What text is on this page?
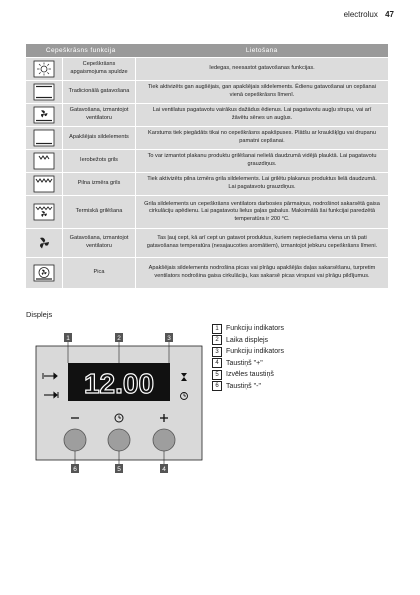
electrolux 47
Cepeškrāsns funkcija		Lietošana

	Cepeškrāsns apgaismojuma spuldze	Iedegas, neesastot gatavošanas funkcijas.

	Tradicionālā gatavošana	Tiek aktivizēts gan augšējais, gan apakšējais sildelements. Ēdienu gatavošanai un cepšanai vienā cepeškrāsns līmenī.

	Gatavošana, izmantojot ventilatoru	Lai ventilatus pagatavotu vairākus dažādus ēdienus. Lai pagatavotu augļu strupu, vai arī žāvētu sēnes un augļus.

	Apakšējais sildelements	Karstums tiek piegādāts tikai no cepeškrāsns apakšpuses. Plātšu ar kraukšķīgu vai drupanu pamatni cepšanai.

	Ierobežots grils	To var izmantot plakanu produktu grilēšanai nelielā daudzumā vidējā plauktā. Lai pagatavotu grauzdiņus.

	Pilna izmēra grils	Tiek aktivizēts pilna izmēra grila sildelements. Lai grilētu plakanus produktus lielā daudzumā. Lai pagatavotu grauzdiņus.

	Termiskā grilēšana	Grila sildelements un cepeškrāsns ventilators darbosies pārmaiņus, nodrošinot sakarsētā gaisa cirkulāciju apēdienu. Lai pagatavotu lielus gaļas gabalus. Maksimālā šai funkcijai paredzētā temperatūra ir 200 °C.

	Gatavošana, izmantojot ventilatoru	Tas ļauj cept, kā arī cept un gatavot produktus, kuriem nepieciešama viena un tā pati gatavošanas temperatūra (nesajaucoties aromātiem), izmantojot jebkuru cepeškrāsns līmeni.

	Pica	Apakšējais sildelements nodrošina picas vai pīrāgu apakšējās daļas sakarsēšanu, turpretim ventilators nodrošina gaisa cirkulāciju, kas sakarsē picas virspusi vai pīrāgu pildījumus.
Displejs
12.00
1	2	3
6	5	4
1	Funkciju indikators
2	Laika displejs
3	Funkciju indikators
4	Taustiņš "+"
5	Izvēles taustiņš
6	Taustiņš "-"
